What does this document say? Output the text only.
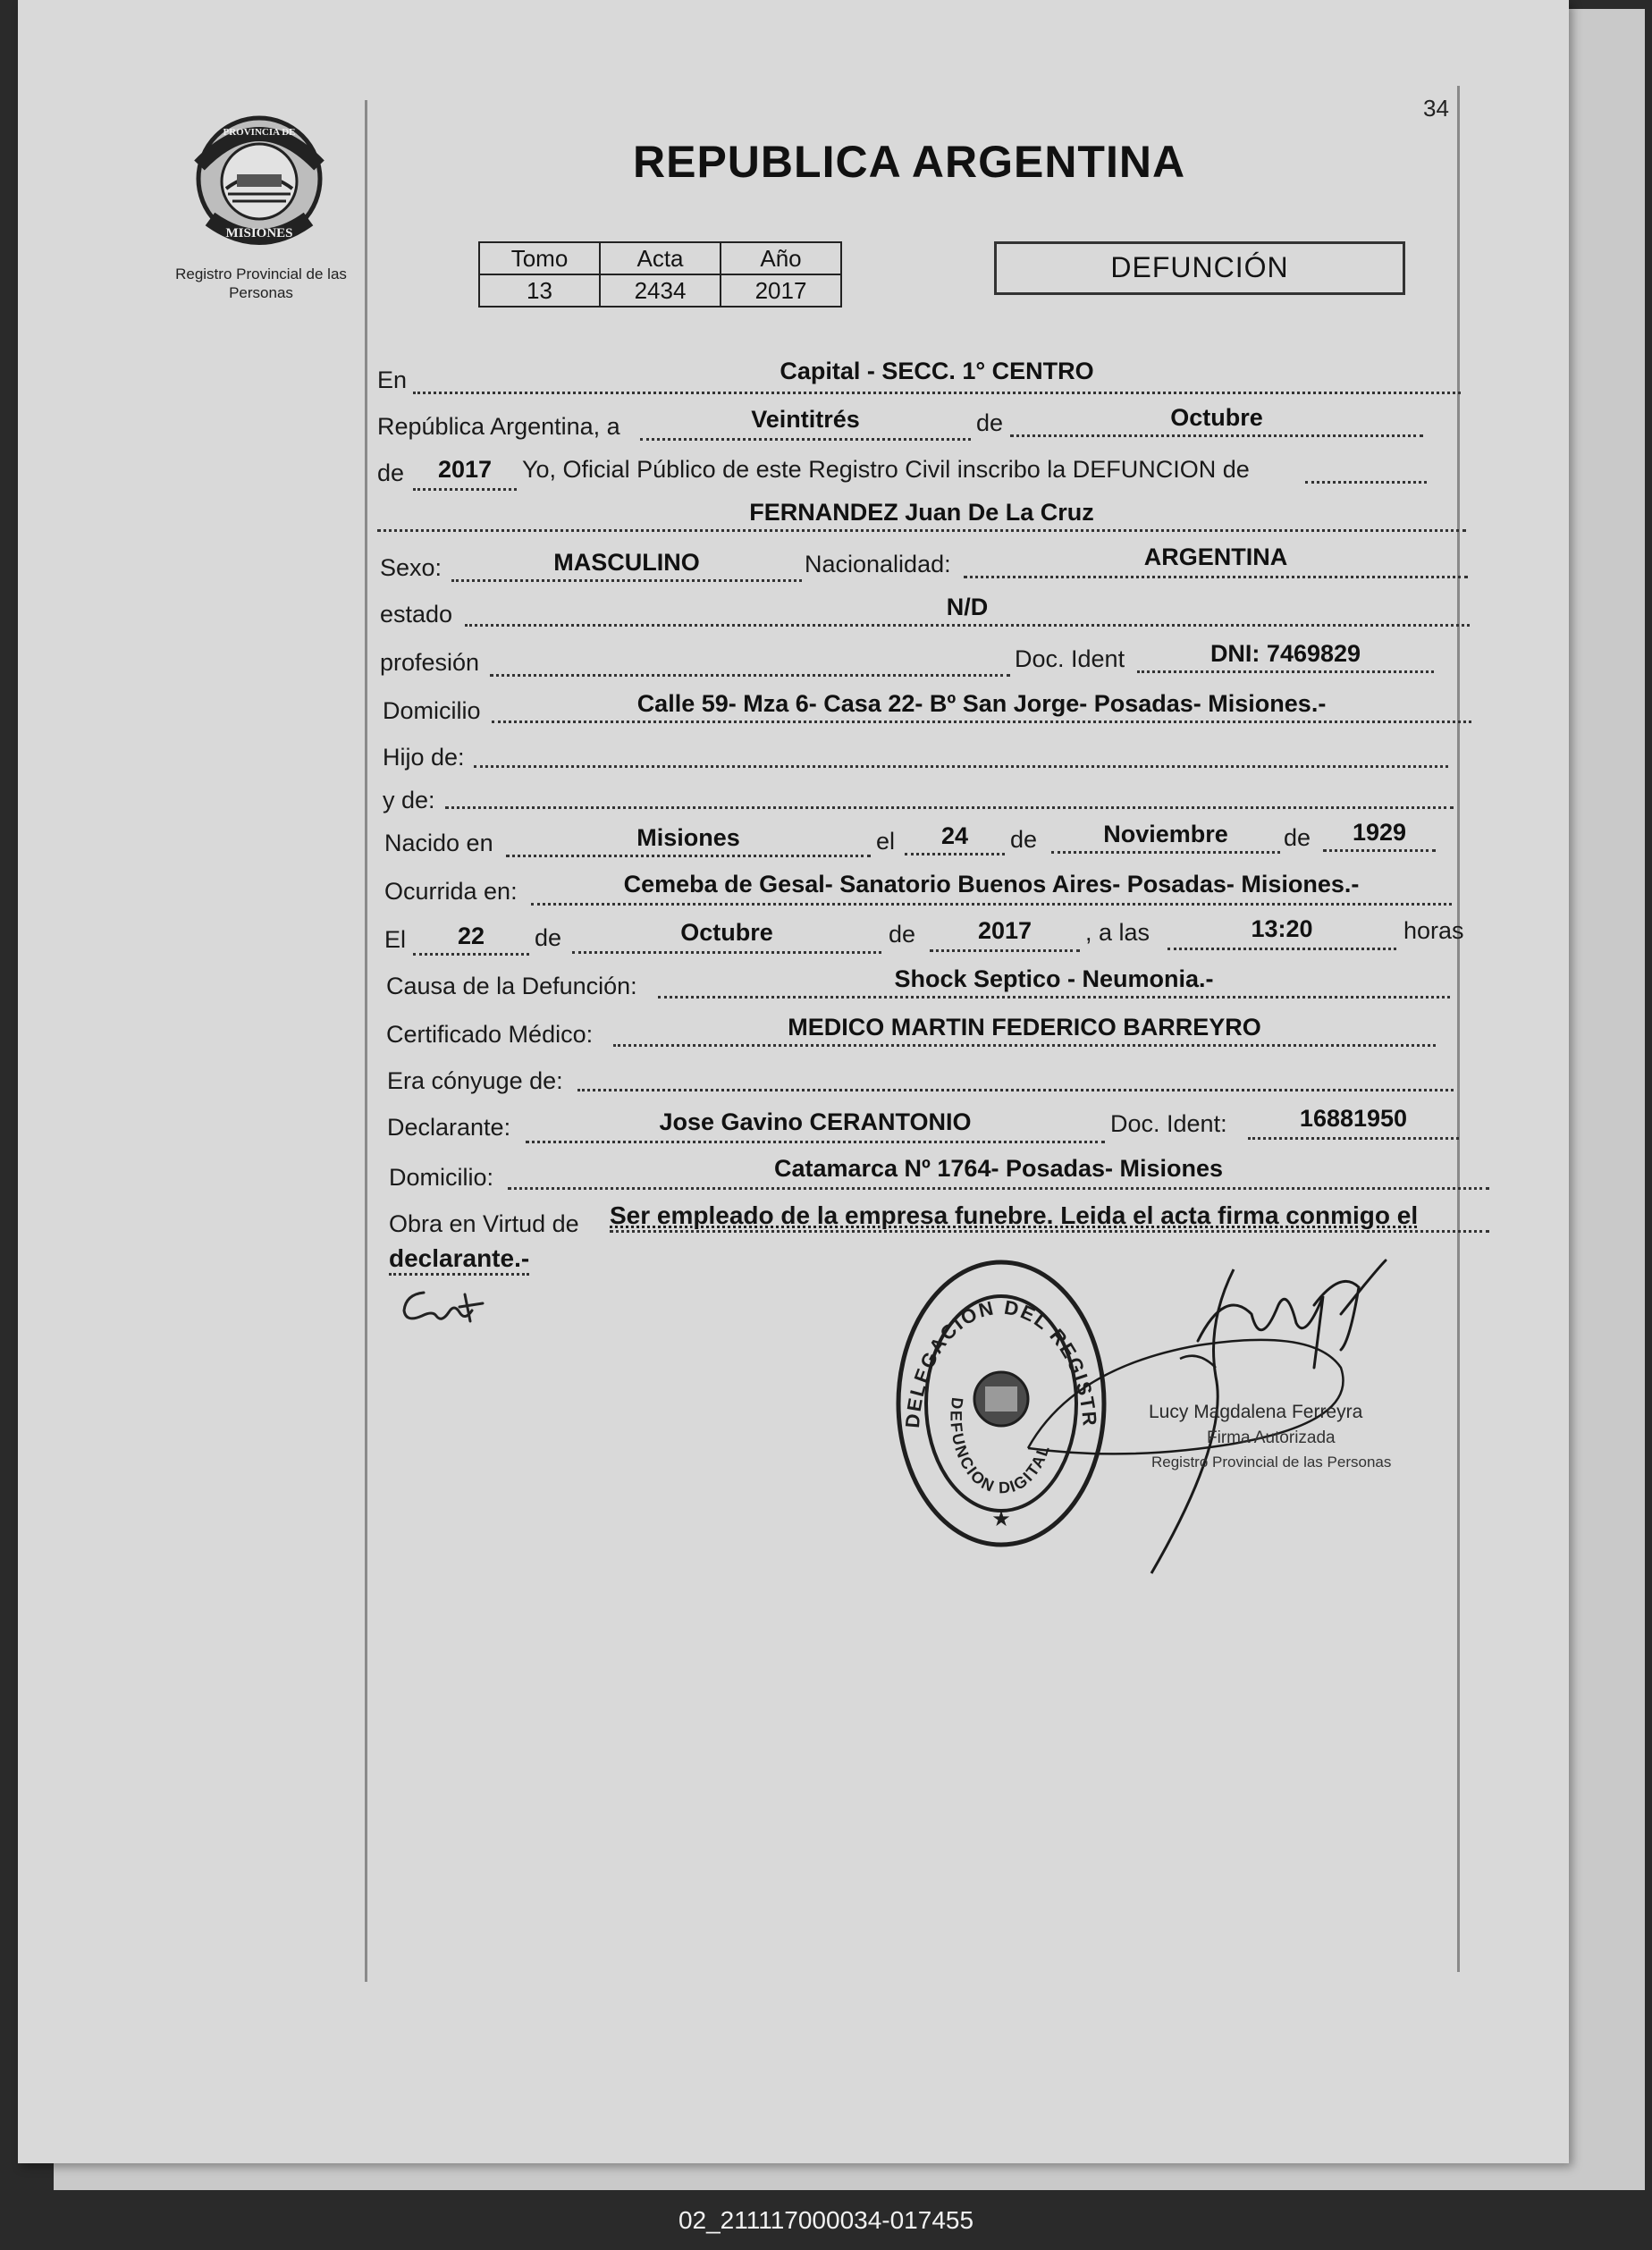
34
MISIONES
PROVINCIA DE
Registro Provincial de las Personas
REPUBLICA ARGENTINA
Tomo	Acta	Año
13	2434	2017
DEFUNCIÓN
En	Capital - SECC. 1° CENTRO
República Argentina, a	Veintitrés	de	Octubre
de	2017	Yo, Oficial Público de este Registro Civil inscribo la DEFUNCION de
FERNANDEZ Juan De La Cruz
Sexo:	MASCULINO	Nacionalidad:	ARGENTINA
estado	N/D
profesión	Doc. Ident	DNI: 7469829
Domicilio	Calle 59- Mza 6- Casa 22- Bº San Jorge- Posadas- Misiones.-
Hijo de:
y de:
Nacido en	Misiones	el	24	de	Noviembre	de	1929
Ocurrida en:	Cemeba de Gesal- Sanatorio Buenos Aires- Posadas- Misiones.-
El	22	de	Octubre	de	2017	, a las	13:20	horas
Causa de la Defunción:	Shock Septico - Neumonia.-
Certificado Médico:	MEDICO MARTIN FEDERICO BARREYRO
Era cónyuge de:
Declarante:	Jose Gavino CERANTONIO	Doc. Ident:	16881950
Domicilio:	Catamarca Nº 1764- Posadas- Misiones
Obra en Virtud de Ser empleado de la empresa funebre. Leida el acta firma conmigo el
declarante.-
DELEGACION DEL REGISTR
DEFUNCION DIGITAL
★
Lucy Magdalena Ferreyra
Firma Autorizada
Registro Provincial de las Personas
02_211117000034-017455
